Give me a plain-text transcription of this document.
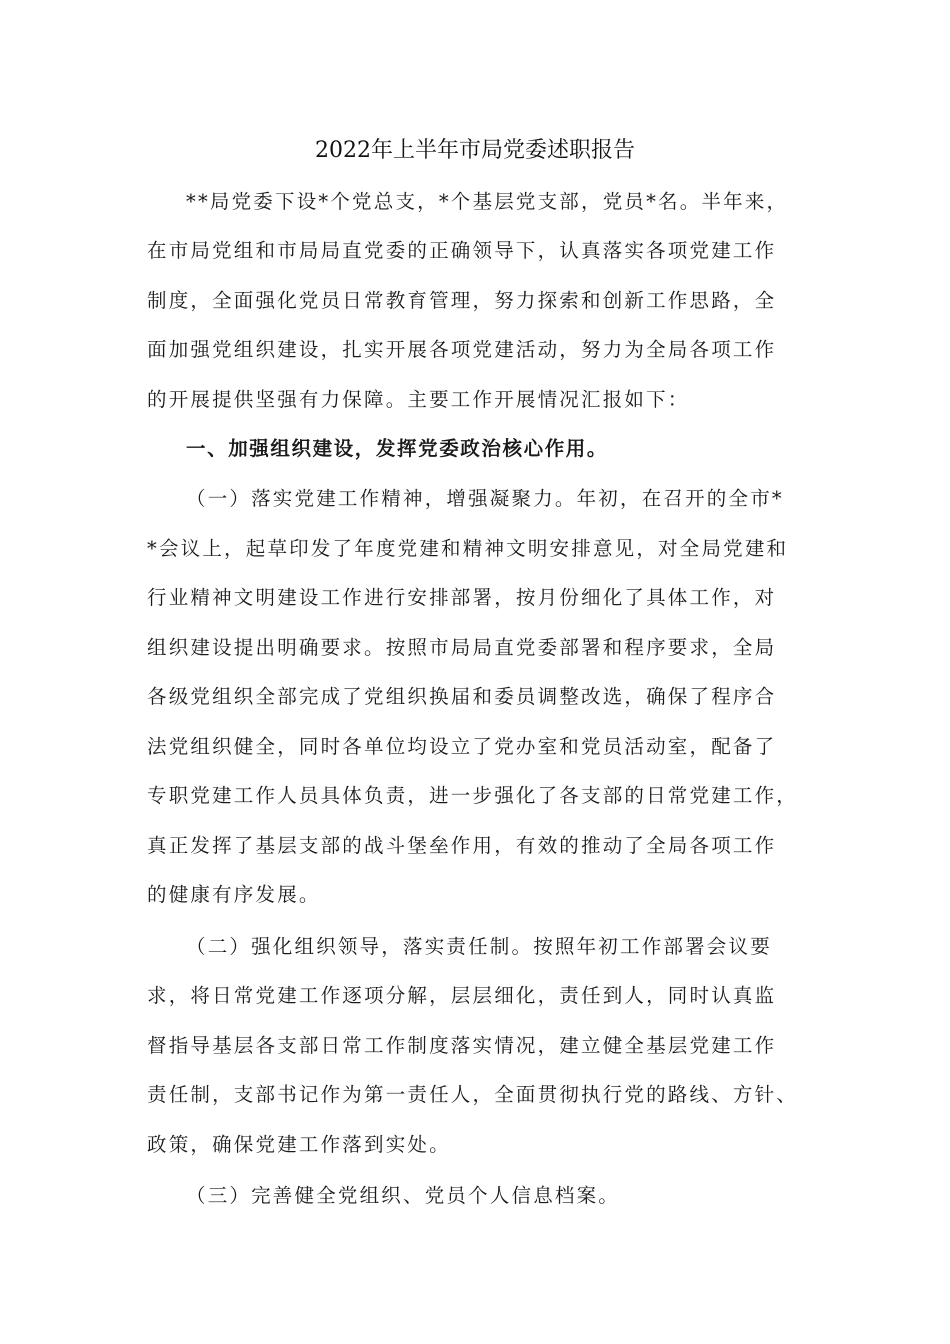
2022年上半年市局党委述职报告
**局党委下设*个党总支，*个基层党支部，党员*名。半年来，
在市局党组和市局局直党委的正确领导下，认真落实各项党建工作
制度，全面强化党员日常教育管理，努力探索和创新工作思路，全
面加强党组织建设，扎实开展各项党建活动，努力为全局各项工作
的开展提供坚强有力保障。主要工作开展情况汇报如下：
一、加强组织建设，发挥党委政治核心作用。
（一）落实党建工作精神，增强凝聚力。年初，在召开的全市*
*会议上，起草印发了年度党建和精神文明安排意见，对全局党建和
行业精神文明建设工作进行安排部署，按月份细化了具体工作，对
组织建设提出明确要求。按照市局局直党委部署和程序要求，全局
各级党组织全部完成了党组织换届和委员调整改选，确保了程序合
法党组织健全，同时各单位均设立了党办室和党员活动室，配备了
专职党建工作人员具体负责，进一步强化了各支部的日常党建工作，
真正发挥了基层支部的战斗堡垒作用，有效的推动了全局各项工作
的健康有序发展。
（二）强化组织领导，落实责任制。按照年初工作部署会议要
求，将日常党建工作逐项分解，层层细化，责任到人，同时认真监
督指导基层各支部日常工作制度落实情况，建立健全基层党建工作
责任制，支部书记作为第一责任人，全面贯彻执行党的路线、方针、
政策，确保党建工作落到实处。
（三）完善健全党组织、党员个人信息档案。
